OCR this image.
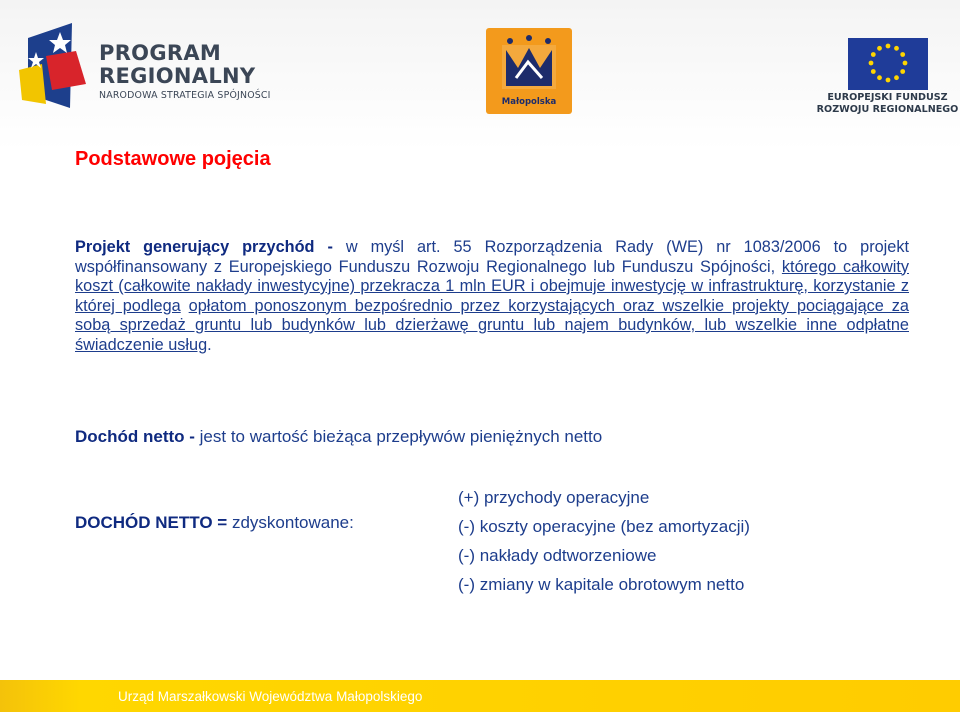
PROGRAM
REGIONALNY
NARODOWA STRATEGIA SPÓJNOŚCI
Małopolska	EUROPEJSKI FUNDUSZ
ROZWOJU REGIONALNEGO
Podstawowe pojęcia
Projekt generujący przychód - w myśl art. 55 Rozporządzenia Rady (WE) nr 1083/2006 to projekt współfinansowany z Europejskiego Funduszu Rozwoju Regionalnego lub Funduszu Spójności, którego całkowity koszt (całkowite nakłady inwestycyjne) przekracza 1 mln EUR i obejmuje inwestycję w infrastrukturę, korzystanie z której podlega opłatom ponoszonym bezpośrednio przez korzystających oraz wszelkie projekty pociągające za sobą sprzedaż gruntu lub budynków lub dzierżawę gruntu lub najem budynków, lub wszelkie inne odpłatne świadczenie usług.
Dochód netto - jest to wartość bieżąca przepływów pieniężnych netto
DOCHÓD NETTO = zdyskontowane:
(+) przychody operacyjne
(-) koszty operacyjne (bez amortyzacji)
(-) nakłady odtworzeniowe
(-) zmiany w kapitale obrotowym netto
Urząd Marszałkowski Województwa Małopolskiego
